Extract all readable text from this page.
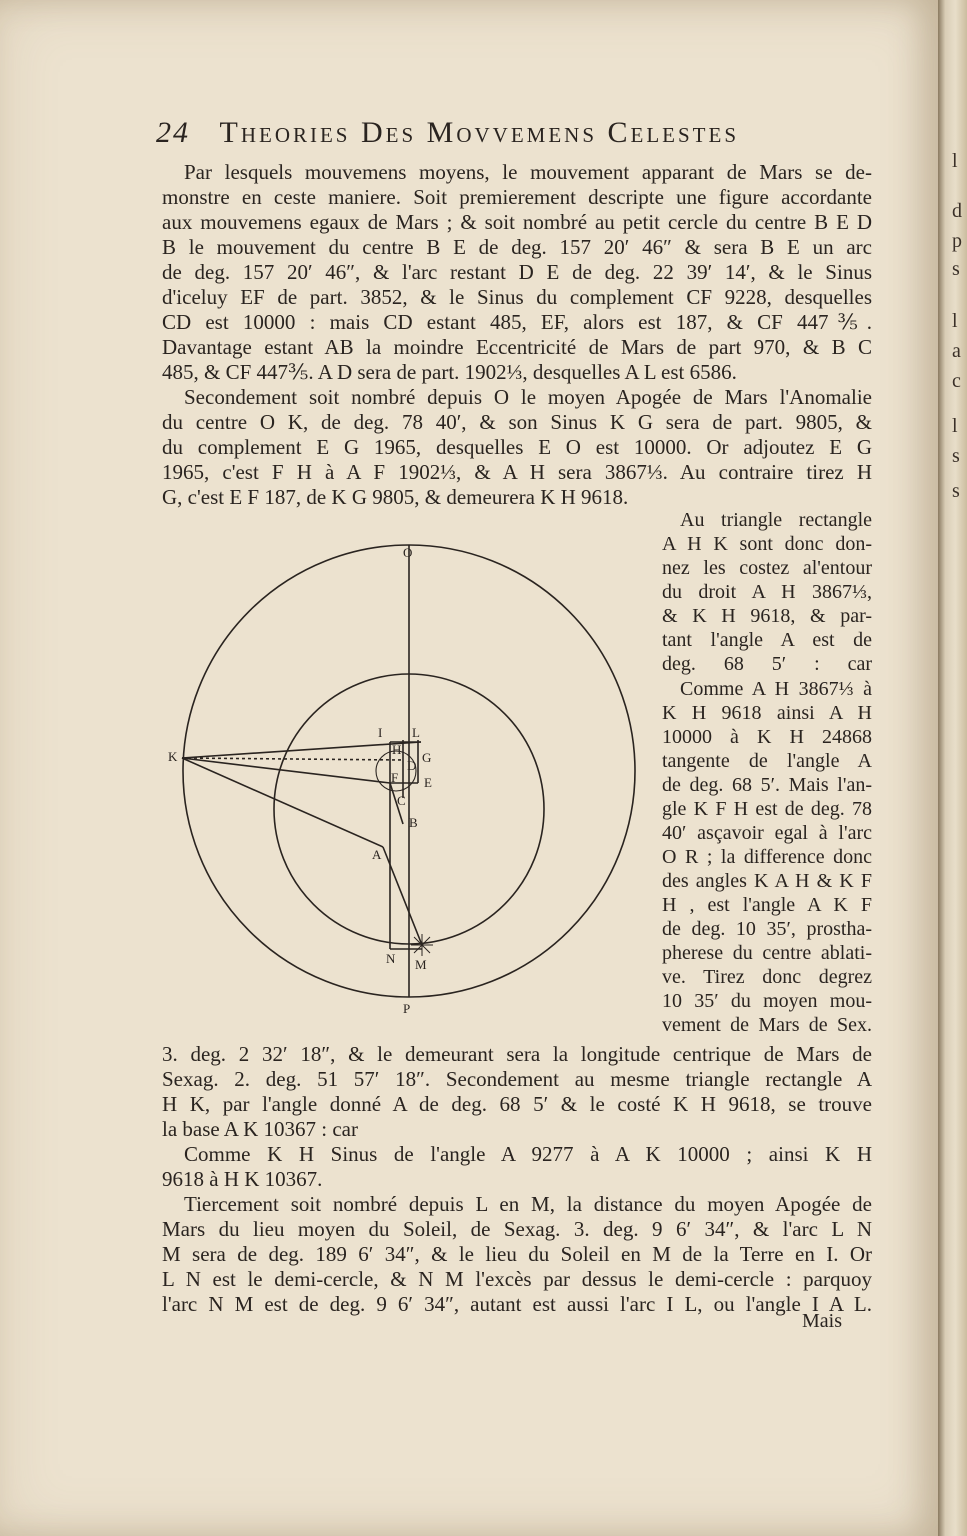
24 Theories Des Movvemens Celestes
Par lesquels mouvemens moyens, le mouvement apparant de Mars se de-
monstre en ceste maniere. Soit premierement descripte une figure accordante
aux mouvemens egaux de Mars ; & soit nombré au petit cercle du centre B E D
B le mouvement du centre B E de deg. 157 20′ 46″ & sera B E un arc
de deg. 157 20′ 46″, & l'arc restant D E de deg. 22 39′ 14′, & le Sinus
d'iceluy EF de part. 3852, & le Sinus du complement CF 9228, desquelles
CD est 10000 : mais CD estant 485, EF, alors est 187, & CF 447⅗.
Davantage estant AB la moindre Eccentricité de Mars de part 970, & B C
485, & CF 447⅗. A D sera de part. 1902⅓, desquelles A L est 6586.
Secondement soit nombré depuis O le moyen Apogée de Mars l'Anomalie
du centre O K, de deg. 78 40′, & son Sinus K G sera de part. 9805, &
du complement E G 1965, desquelles E O est 10000. Or adjoutez E G
1965, c'est F H à A F 1902⅓, & A H sera 3867⅓. Au contraire tirez H
G, c'est E F 187, de K G 9805, & demeurera K H 9618.
Au triangle rectangle
A H K sont donc don-
nez les costez al'entour
du droit A H 3867⅓,
& K H 9618, & par-
tant l'angle A est de
deg. 68 5′ : car
Comme A H 3867⅓ à
K H 9618 ainsi A H
10000 à K H 24868
tangente de l'angle A
de deg. 68 5′. Mais l'an-
gle K F H est de deg. 78
40′ asçavoir egal à l'arc
O R ; la difference donc
des angles K A H & K F
H , est l'angle A K F
de deg. 10 35′, prostha-
pherese du centre ablati-
ve. Tirez donc degrez
10 35′ du moyen mou-
vement de Mars de Sex.
O
P
K
I L
H
G
D
F E
C
B
A
N M
3. deg. 2 32′ 18″, & le demeurant sera la longitude centrique de Mars de
Sexag. 2. deg. 51 57′ 18″. Secondement au mesme triangle rectangle A
H K, par l'angle donné A de deg. 68 5′ & le costé K H 9618, se trouve
la base A K 10367 : car
Comme K H Sinus de l'angle A 9277 à A K 10000 ; ainsi K H
9618 à H K 10367.
Tiercement soit nombré depuis L en M, la distance du moyen Apogée de
Mars du lieu moyen du Soleil, de Sexag. 3. deg. 9 6′ 34″, & l'arc L N
M sera de deg. 189 6′ 34″, & le lieu du Soleil en M de la Terre en I. Or
L N est le demi-cercle, & N M l'excès par dessus le demi-cercle : parquoy
l'arc N M est de deg. 9 6′ 34″, autant est aussi l'arc I L, ou l'angle I A L.
Mais
l
d
p
s
l
a
c
l
s
s
